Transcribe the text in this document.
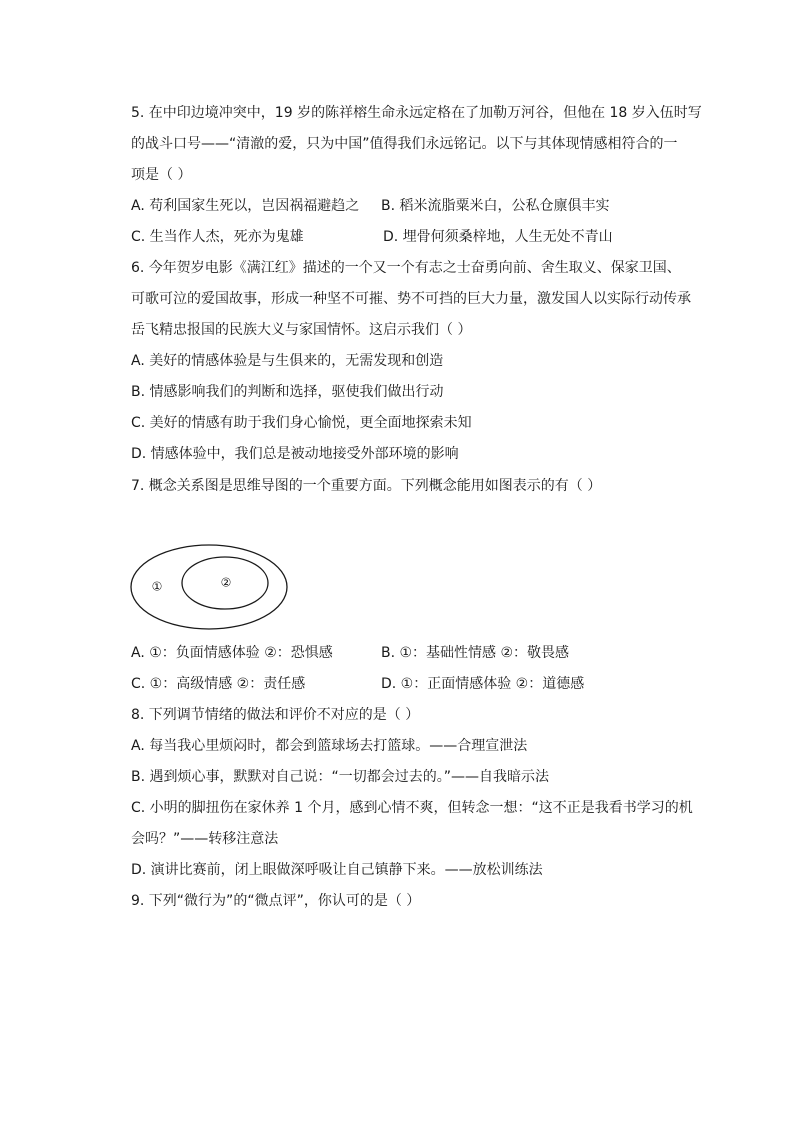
5. 在中印边境冲突中，19 岁的陈祥榕生命永远定格在了加勒万河谷，但他在 18 岁入伍时写
的战斗口号——“清澈的爱，只为中国”值得我们永远铭记。以下与其体现情感相符合的一
项是（ ）
A. 苟利国家生死以，岂因祸福避趋之 B. 稻米流脂粟米白，公私仓廪俱丰实
C. 生当作人杰，死亦为鬼雄	D. 埋骨何须桑梓地，人生无处不青山
6. 今年贺岁电影《满江红》描述的一个又一个有志之士奋勇向前、舍生取义、保家卫国、
可歌可泣的爱国故事，形成一种坚不可摧、势不可挡的巨大力量，激发国人以实际行动传承
岳飞精忠报国的民族大义与家国情怀。这启示我们（ ）
A. 美好的情感体验是与生俱来的，无需发现和创造
B. 情感影响我们的判断和选择，驱使我们做出行动
C. 美好的情感有助于我们身心愉悦，更全面地探索未知
D. 情感体验中，我们总是被动地接受外部环境的影响
7. 概念关系图是思维导图的一个重要方面。下列概念能用如图表示的有（ ）
①	②
A. ①：负面情感体验 ②：恐惧感	B. ①：基础性情感 ②：敬畏感
C. ①：高级情感 ②：责任感	D. ①：正面情感体验 ②：道德感
8. 下列调节情绪的做法和评价不对应的是（ ）
A. 每当我心里烦闷时，都会到篮球场去打篮球。——合理宣泄法
B. 遇到烦心事，默默对自己说：“一切都会过去的。”——自我暗示法
C. 小明的脚扭伤在家休养 1 个月，感到心情不爽，但转念一想：“这不正是我看书学习的机
会吗？”——转移注意法
D. 演讲比赛前，闭上眼做深呼吸让自己镇静下来。——放松训练法
9. 下列“微行为”的“微点评”，你认可的是（ ）
